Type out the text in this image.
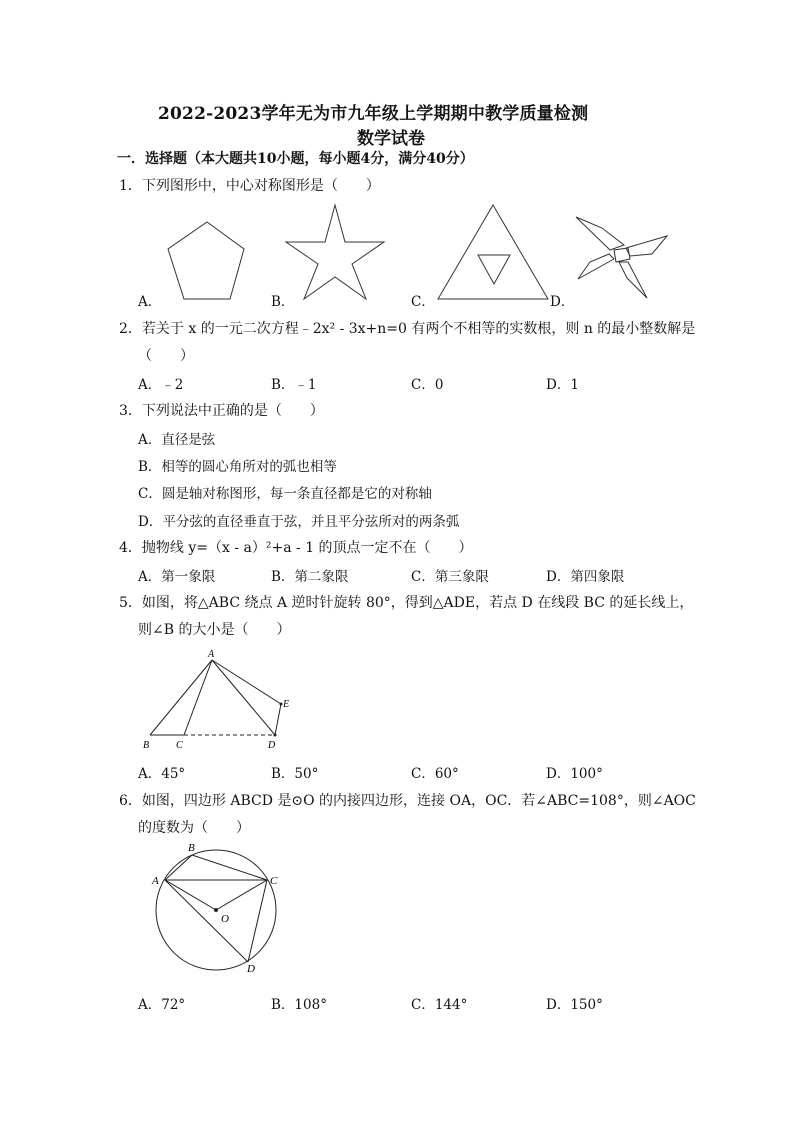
2022-2023学年无为市九年级上学期期中教学质量检测
数学试卷
一．选择题（本大题共10小题，每小题4分，满分40分）
1．下列图形中，中心对称图形是（　　）
A．	B．	C．	D．
2．若关于 x 的一元二次方程﹣2x² - 3x+n=0 有两个不相等的实数根，则 n 的最小整数解是
（　　）
A．﹣2	B．﹣1	C．0	D．1
3．下列说法中正确的是（　　）
A．直径是弦
B．相等的圆心角所对的弧也相等
C．圆是轴对称图形，每一条直径都是它的对称轴
D．平分弦的直径垂直于弦，并且平分弦所对的两条弧
4．抛物线 y=（x - a）²+a - 1 的顶点一定不在（　　）
A．第一象限	B．第二象限	C．第三象限	D．第四象限
5．如图，将△ABC 绕点 A 逆时针旋转 80°，得到△ADE，若点 D 在线段 BC 的延长线上，
则∠B 的大小是（　　）
A
B	C	D
E
A．45°	B．50°	C．60°	D．100°
6．如图，四边形 ABCD 是⊙O 的内接四边形，连接 OA，OC．若∠ABC=108°，则∠AOC
的度数为（　　）
A
B
C
D
O
A．72°	B．108°	C．144°	D．150°
